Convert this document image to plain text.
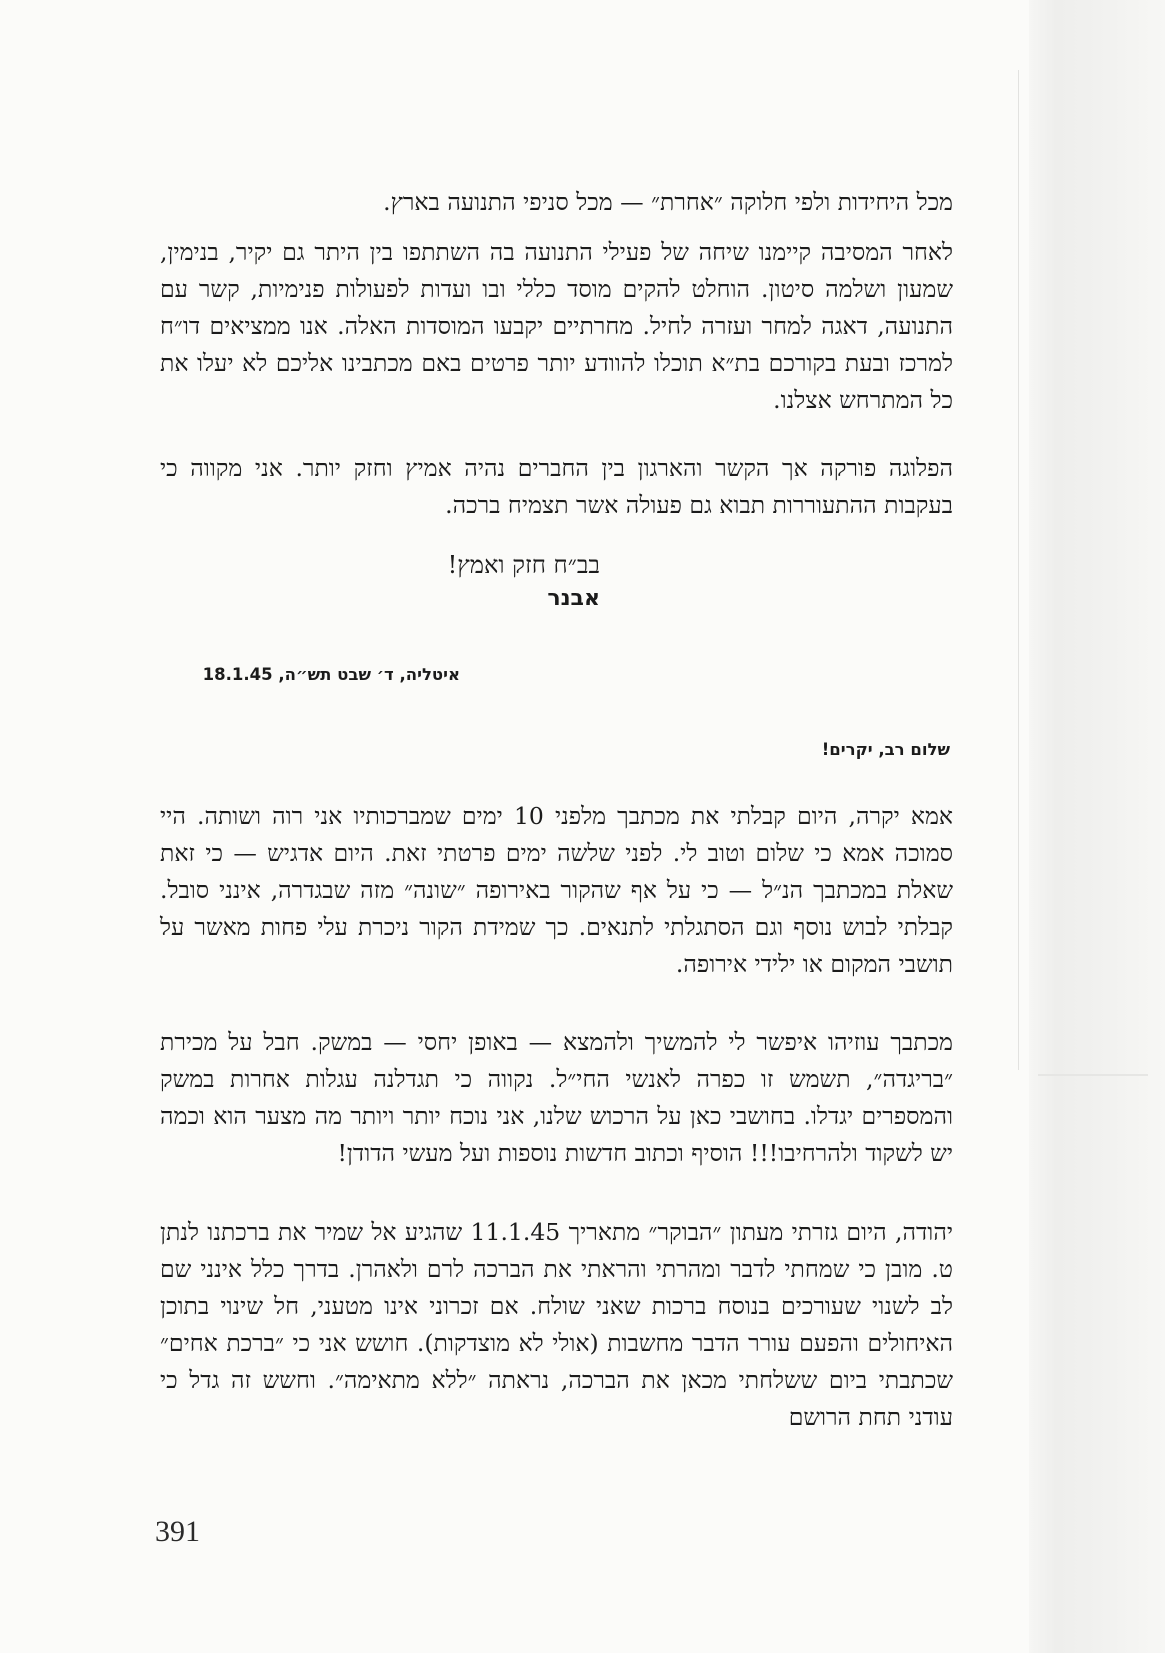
מכל היחידות ולפי חלוקה ״אחרת״ — מכל סניפי התנועה בארץ.

לאחר המסיבה קיימנו שיחה של פעילי התנועה בה השתתפו בין היתר גם יקיר, בנימין, שמעון ושלמה סיטון. הוחלט להקים מוסד כללי ובו ועדות לפעולות פנימיות, קשר עם התנועה, דאגה למחר ועזרה לחיל. מחרתיים יקבעו המוסדות האלה. אנו ממציאים דו״ח למרכז ובעת בקורכם בת״א תוכלו להוודע יותר פרטים באם מכתבינו אליכם לא יעלו את כל המתרחש אצלנו.

הפלוגה פורקה אך הקשר והארגון בין החברים נהיה אמיץ וחזק יותר. אני מקווה כי בעקבות ההתעוררות תבוא גם פעולה אשר תצמיח ברכה.

בב״ח חזק ואמץ!
אבנר
איטליה, ד׳ שבט תש״ה, 18.1.45
שלום רב, יקרים!

אמא יקרה, היום קבלתי את מכתבך מלפני 10 ימים שמברכותיו אני רוה ושותה. היי סמוכה אמא כי שלום וטוב לי. לפני שלשה ימים פרטתי זאת. היום אדגיש — כי זאת שאלת במכתבך הנ״ל — כי על אף שהקור באירופה ״שונה״ מזה שבגדרה, אינני סובל. קבלתי לבוש נוסף וגם הסתגלתי לתנאים. כך שמידת הקור ניכרת עלי פחות מאשר על תושבי המקום או ילידי אירופה.

מכתבך עוזיהו איפשר לי להמשיך ולהמצא — באופן יחסי — במשק. חבל על מכירת ״בריגדה״, תשמש זו כפרה לאנשי החי״ל. נקווה כי תגדלנה עגלות אחרות במשק והמספרים יגדלו. בחושבי כאן על הרכוש שלנו, אני נוכח יותר ויותר מה מצער הוא וכמה יש לשקוד ולהרחיבו!!! הוסיף וכתוב חדשות נוספות ועל מעשי הדודן!

יהודה, היום גזרתי מעתון ״הבוקר״ מתאריך 11.1.45 שהגיע אל שמיר את ברכתנו לנתן ט. מובן כי שמחתי לדבר ומהרתי והראתי את הברכה לרם ולאהרן. בדרך כלל אינני שם לב לשנוי שעורכים בנוסח ברכות שאני שולח. אם זכרוני אינו מטעני, חל שינוי בתוכן האיחולים והפעם עורר הדבר מחשבות (אולי לא מוצדקות). חושש אני כי ״ברכת אחים״ שכתבתי ביום ששלחתי מכאן את הברכה, נראתה ״ללא מתאימה״. וחשש זה גדל כי עודני תחת הרושם

391
